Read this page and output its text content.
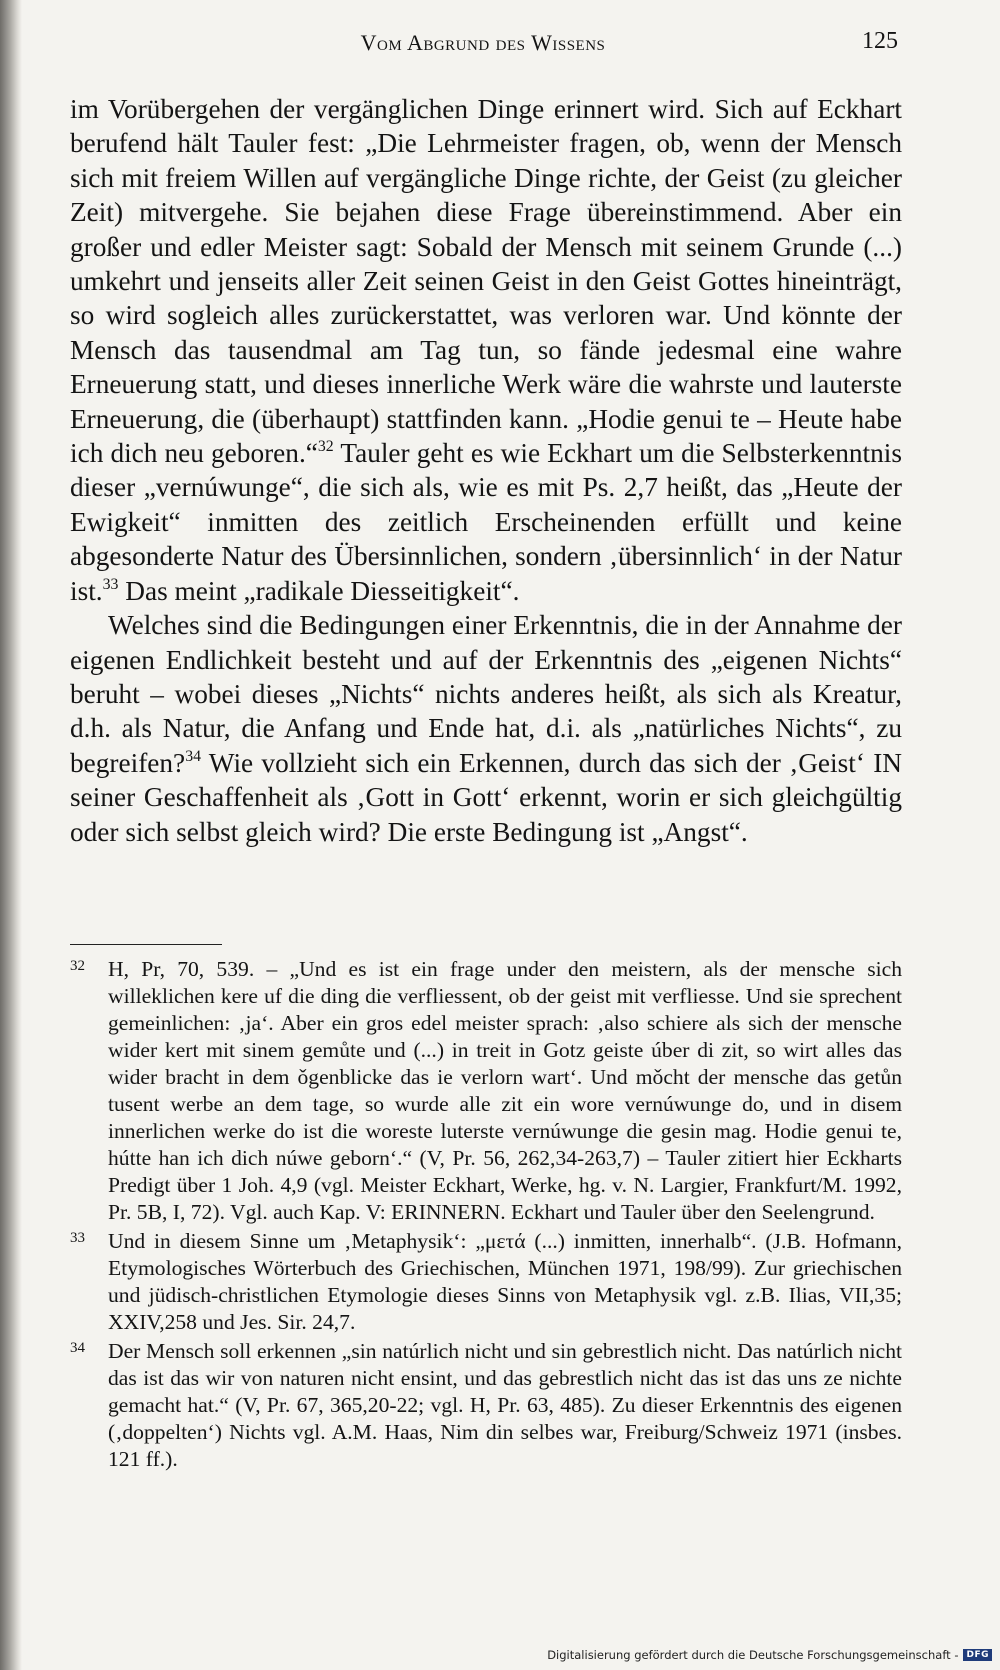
Vom Abgrund des Wissens	125

im Vorübergehen der vergänglichen Dinge erinnert wird. Sich auf Eckhart berufend hält Tauler fest: „Die Lehrmeister fragen, ob, wenn der Mensch sich mit freiem Willen auf vergängliche Dinge richte, der Geist (zu gleicher Zeit) mitvergehe. Sie bejahen diese Frage übereinstimmend. Aber ein großer und edler Meister sagt: Sobald der Mensch mit seinem Grunde (...) umkehrt und jenseits aller Zeit seinen Geist in den Geist Gottes hineinträgt, so wird sogleich alles zurückerstattet, was verloren war. Und könnte der Mensch das tausendmal am Tag tun, so fände jedesmal eine wahre Erneuerung statt, und dieses innerliche Werk wäre die wahrste und lauterste Erneuerung, die (überhaupt) stattfinden kann. „Hodie genui te – Heute habe ich dich neu geboren.“$^{32}$ Tauler geht es wie Eckhart um die Selbsterkenntnis dieser „vernúwunge“, die sich als, wie es mit Ps. 2,7 heißt, das „Heute der Ewigkeit“ inmitten des zeitlich Erscheinenden erfüllt und keine abgesonderte Natur des Übersinnlichen, sondern ‚übersinnlich‘ in der Natur ist.$^{33}$ Das meint „radikale Diesseitigkeit“.

Welches sind die Bedingungen einer Erkenntnis, die in der Annahme der eigenen Endlichkeit besteht und auf der Erkenntnis des „eigenen Nichts“ beruht – wobei dieses „Nichts“ nichts anderes heißt, als sich als Kreatur, d.h. als Natur, die Anfang und Ende hat, d.i. als „natürliches Nichts“, zu begreifen?$^{34}$ Wie vollzieht sich ein Erkennen, durch das sich der ‚Geist‘ IN seiner Geschaffenheit als ‚Gott in Gott‘ erkennt, worin er sich gleichgültig oder sich selbst gleich wird? Die erste Bedingung ist „Angst“.

32 H, Pr, 70, 539. – „Und es ist ein frage under den meistern, als der mensche sich willeklichen kere uf die ding die verfliessent, ob der geist mit verfliesse. Und sie sprechent gemeinlichen: ‚ja‘. Aber ein gros edel meister sprach: ‚also schiere als sich der mensche wider kert mit sinem gemůte und (...) in treit in Gotz geiste úber di zit, so wirt alles das wider bracht in dem ǒgenblicke das ie verlorn wart‘. Und mǒcht der mensche das getůn tusent werbe an dem tage, so wurde alle zit ein wore vernúwunge do, und in disem innerlichen werke do ist die woreste luterste vernúwunge die gesin mag. Hodie genui te, hútte han ich dich núwe geborn‘.“ (V, Pr. 56, 262,34-263,7) – Tauler zitiert hier Eckharts Predigt über 1 Joh. 4,9 (vgl. Meister Eckhart, Werke, hg. v. N. Largier, Frankfurt/M. 1992, Pr. 5B, I, 72). Vgl. auch Kap. V: ERINNERN. Eckhart und Tauler über den Seelengrund.
33 Und in diesem Sinne um ‚Metaphysik‘: „μετά (...) inmitten, innerhalb“. (J.B. Hofmann, Etymologisches Wörterbuch des Griechischen, München 1971, 198/99). Zur griechischen und jüdisch-christlichen Etymologie dieses Sinns von Metaphysik vgl. z.B. Ilias, VII,35; XXIV,258 und Jes. Sir. 24,7.
34 Der Mensch soll erkennen „sin natúrlich nicht und sin gebrestlich nicht. Das natúrlich nicht das ist das wir von naturen nicht ensint, und das gebrestlich nicht das ist das uns ze nichte gemacht hat.“ (V, Pr. 67, 365,20-22; vgl. H, Pr. 63, 485). Zu dieser Erkenntnis des eigenen (‚doppelten‘) Nichts vgl. A.M. Haas, Nim din selbes war, Freiburg/Schweiz 1971 (insbes. 121 ff.).
Digitalisierung gefördert durch die Deutsche Forschungsgemeinschaft - DFG
